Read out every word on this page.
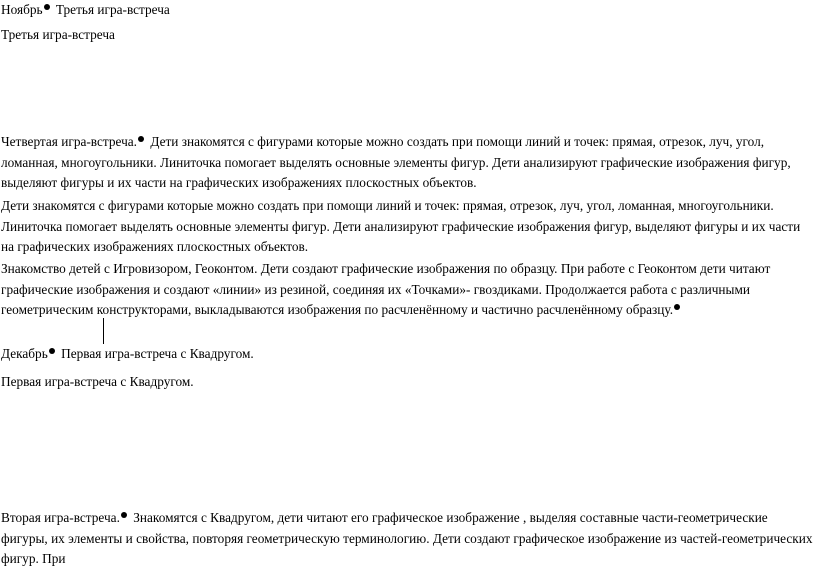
Ноябрь Третья игра-встреча

Третья игра-встреча

Четвертая игра-встреча. Дети знакомятся с фигурами которые можно создать при помощи линий и точек: прямая, отрезок, луч, угол, ломанная, многоугольники. Линиточка помогает выделять основные элементы фигур. Дети анализируют графические изображения фигур, выделяют фигуры и их части на графических изображениях плоскостных объектов.

Дети знакомятся с фигурами которые можно создать при помощи линий и точек: прямая, отрезок, луч, угол, ломанная, многоугольники. Линиточка помогает выделять основные элементы фигур. Дети анализируют графические изображения фигур, выделяют фигуры и их части на графических изображениях плоскостных объектов.

Знакомство детей с Игровизором, Геоконтом. Дети создают графические изображения по образцу. При работе с Геоконтом дети читают графические изображения и создают «линии» из резиной, соединяя их «Точками»- гвоздиками. Продолжается работа с различными геометрическим конструкторами, выкладываются изображения по расчленённому и частично расчленённому образцу.

Декабрь Первая игра-встреча с Квадругом.

Первая игра-встреча с Квадругом.

Вторая игра-встреча. Знакомятся с Квадругом, дети читают его графическое изображение , выделяя составные части-геометрические фигуры, их элементы и свойства, повторяя геометрическую терминологию. Дети создают графическое изображение из частей-геометрических фигур. При
